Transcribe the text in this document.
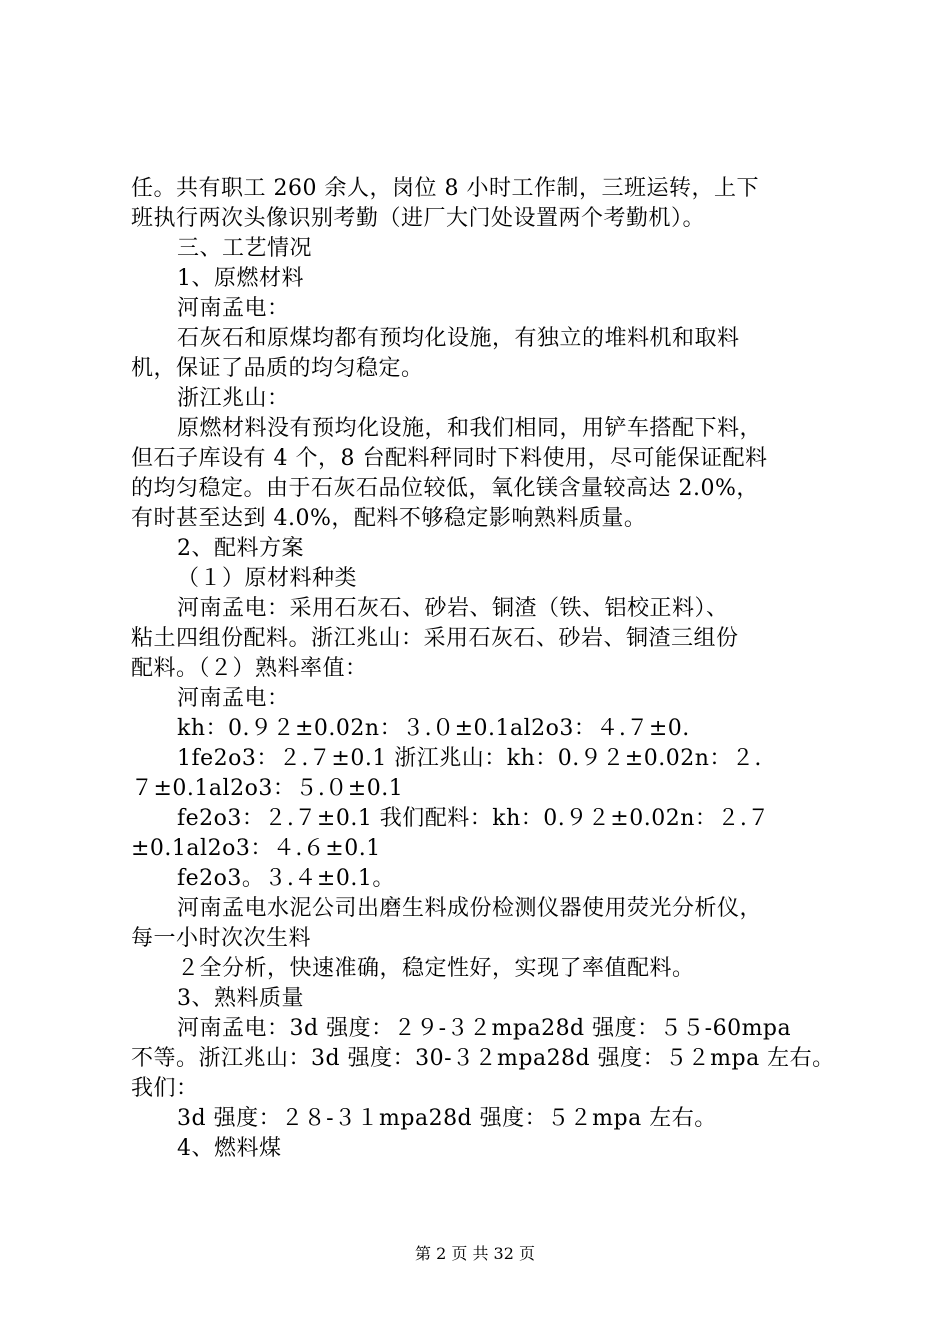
任。共有职工 260 余人，岗位 8 小时工作制，三班运转，上下
班执行两次头像识别考勤（进厂大门处设置两个考勤机）。
三、工艺情况
1、原燃材料
河南孟电：
石灰石和原煤均都有预均化设施，有独立的堆料机和取料
机，保证了品质的均匀稳定。
浙江兆山：
原燃材料没有预均化设施，和我们相同，用铲车搭配下料，
但石子库设有 4 个，8 台配料秤同时下料使用，尽可能保证配料
的均匀稳定。由于石灰石品位较低，氧化镁含量较高达 2.0%，
有时甚至达到 4.0%，配料不够稳定影响熟料质量。
2、配料方案
（１）原材料种类
河南孟电：采用石灰石、砂岩、铜渣（铁、铝校正料）、
粘土四组份配料。浙江兆山：采用石灰石、砂岩、铜渣三组份
配料。（２）熟料率值：
河南孟电：
kh：0.９２±0.02n：３.０±0.1al2o3：４.７±0.
1fe2o3：２.７±0.1 浙江兆山：kh：0.９２±0.02n：２.
７±0.1al2o3：５.０±0.1
fe2o3：２.７±0.1 我们配料：kh：0.９２±0.02n：２.７
±0.1al2o3：４.６±0.1
fe2o3。３.４±0.1。
河南孟电水泥公司出磨生料成份检测仪器使用荧光分析仪，
每一小时次次生料
２全分析，快速准确，稳定性好，实现了率值配料。
3、熟料质量
河南孟电：3d 强度：２９-３２mpa28d 强度：５５-60mpa
不等。浙江兆山：3d 强度：30-３２mpa28d 强度：５２mpa 左右。
我们：
3d 强度：２８-３１mpa28d 强度：５２mpa 左右。
4、燃料煤
第 2 页 共 32 页
